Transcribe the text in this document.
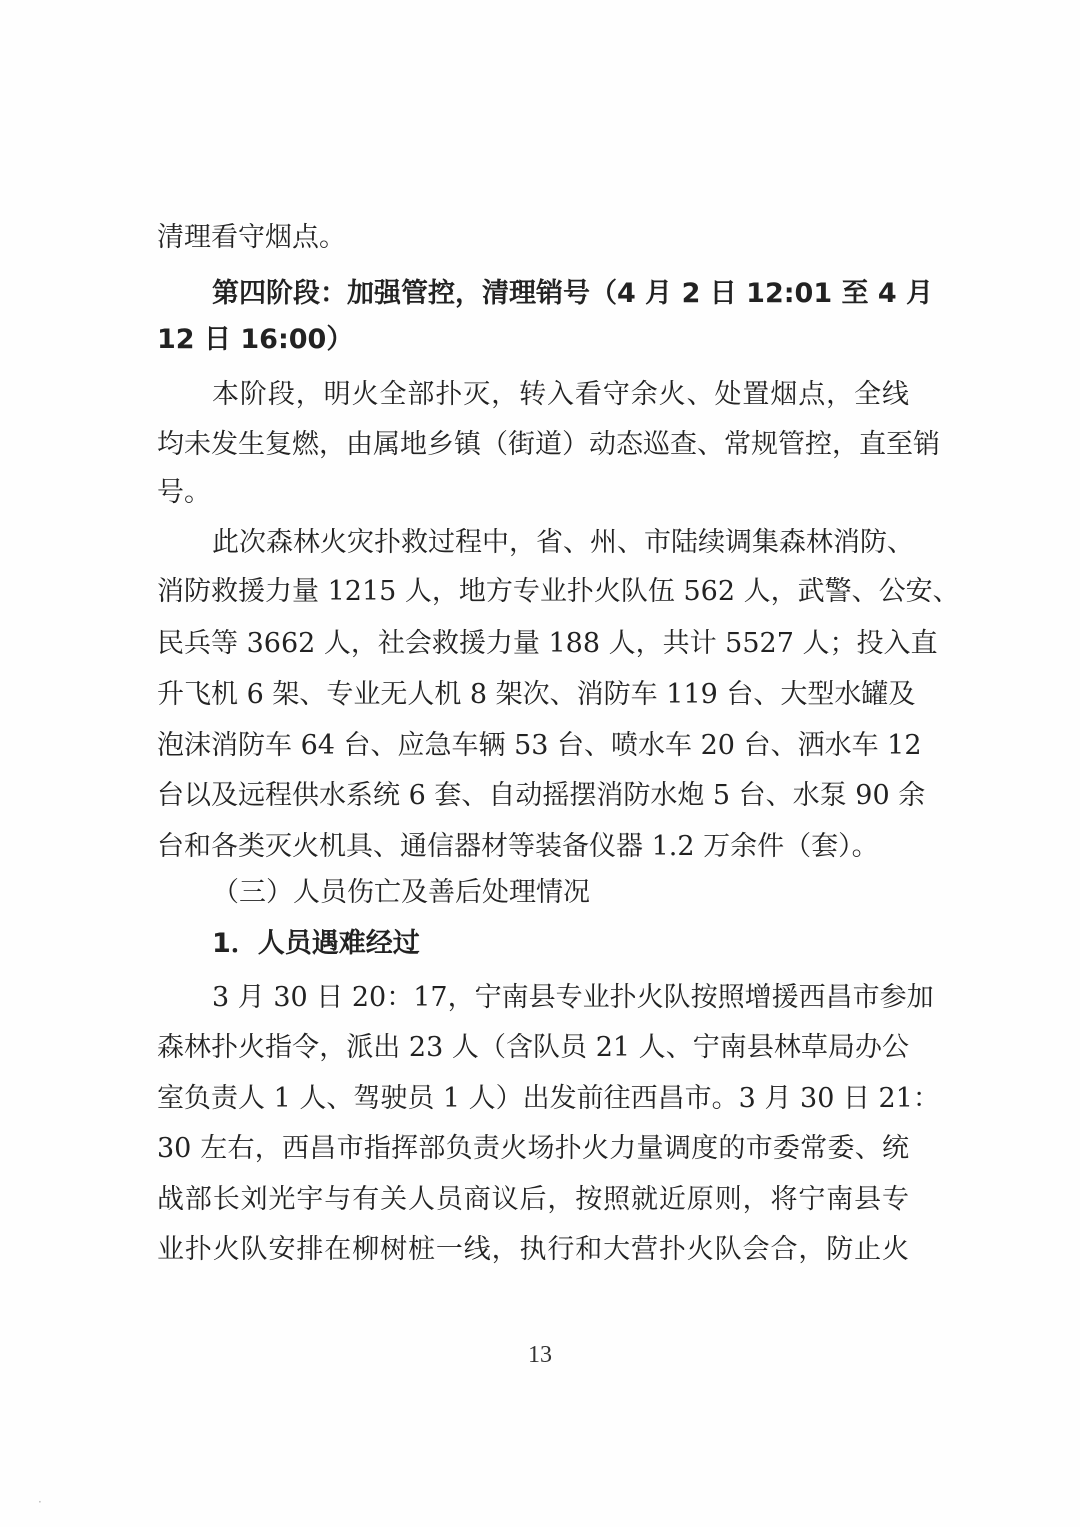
清理看守烟点。
第四阶段：加强管控，清理销号（4 月 2 日 12:01 至 4 月
12 日 16:00）
本阶段，明火全部扑灭，转入看守余火、处置烟点，全线
均未发生复燃，由属地乡镇（街道）动态巡查、常规管控，直至销
号。
此次森林火灾扑救过程中，省、州、市陆续调集森林消防、
消防救援力量 1215 人，地方专业扑火队伍 562 人，武警、公安、
民兵等 3662 人，社会救援力量 188 人，共计 5527 人；投入直
升飞机 6 架、专业无人机 8 架次、消防车 119 台、大型水罐及
泡沫消防车 64 台、应急车辆 53 台、喷水车 20 台、洒水车 12
台以及远程供水系统 6 套、自动摇摆消防水炮 5 台、水泵 90 余
台和各类灭火机具、通信器材等装备仪器 1.2 万余件（套）。
（三）人员伤亡及善后处理情况
1．人员遇难经过
3 月 30 日 20：17，宁南县专业扑火队按照增援西昌市参加
森林扑火指令，派出 23 人（含队员 21 人、宁南县林草局办公
室负责人 1 人、驾驶员 1 人）出发前往西昌市。3 月 30 日 21：
30 左右，西昌市指挥部负责火场扑火力量调度的市委常委、统
战部长刘光宇与有关人员商议后，按照就近原则，将宁南县专
业扑火队安排在柳树桩一线，执行和大营扑火队会合，防止火
13
·
